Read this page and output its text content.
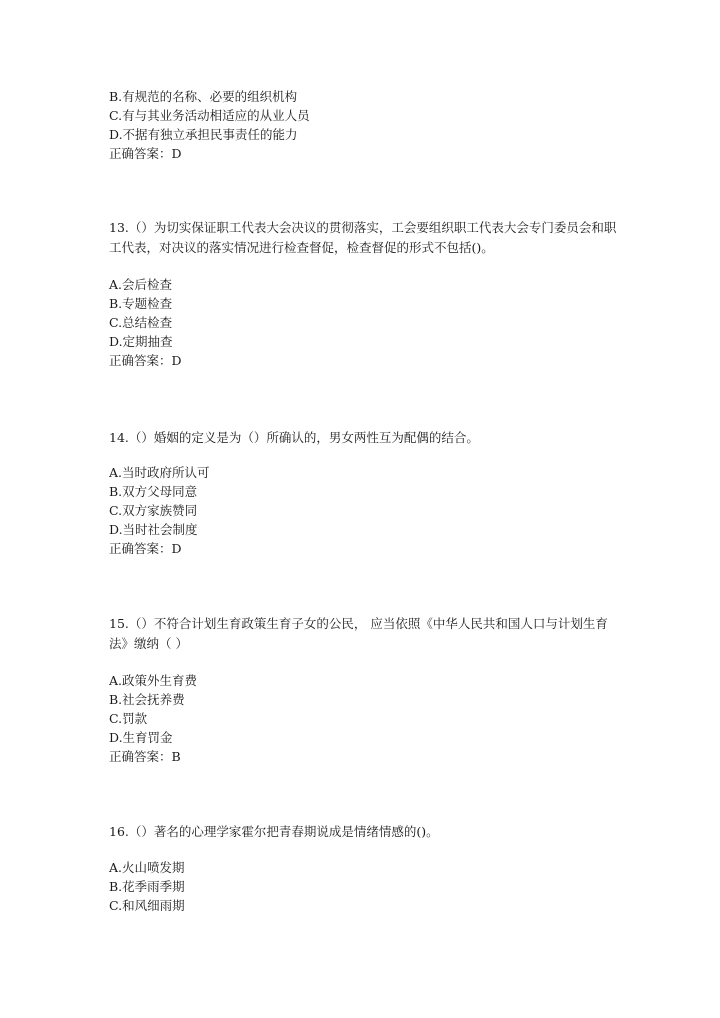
B.有规范的名称、必要的组织机构
C.有与其业务活动相适应的从业人员
D.不据有独立承担民事责任的能力
正确答案：D
13.（）为切实保证职工代表大会决议的贯彻落实，工会要组织职工代表大会专门委员会和职工代表，对决议的落实情况进行检查督促，检查督促的形式不包括()。
A.会后检查
B.专题检查
C.总结检查
D.定期抽查
正确答案：D
14.（）婚姻的定义是为（）所确认的，男女两性互为配偶的结合。
A.当时政府所认可
B.双方父母同意
C.双方家族赞同
D.当时社会制度
正确答案：D
15.（）不符合计划生育政策生育子女的公民， 应当依照《中华人民共和国人口与计划生育法》缴纳（ ）
A.政策外生育费
B.社会抚养费
C.罚款
D.生育罚金
正确答案：B
16.（）著名的心理学家霍尔把青春期说成是情绪情感的()。
A.火山喷发期
B.花季雨季期
C.和风细雨期
